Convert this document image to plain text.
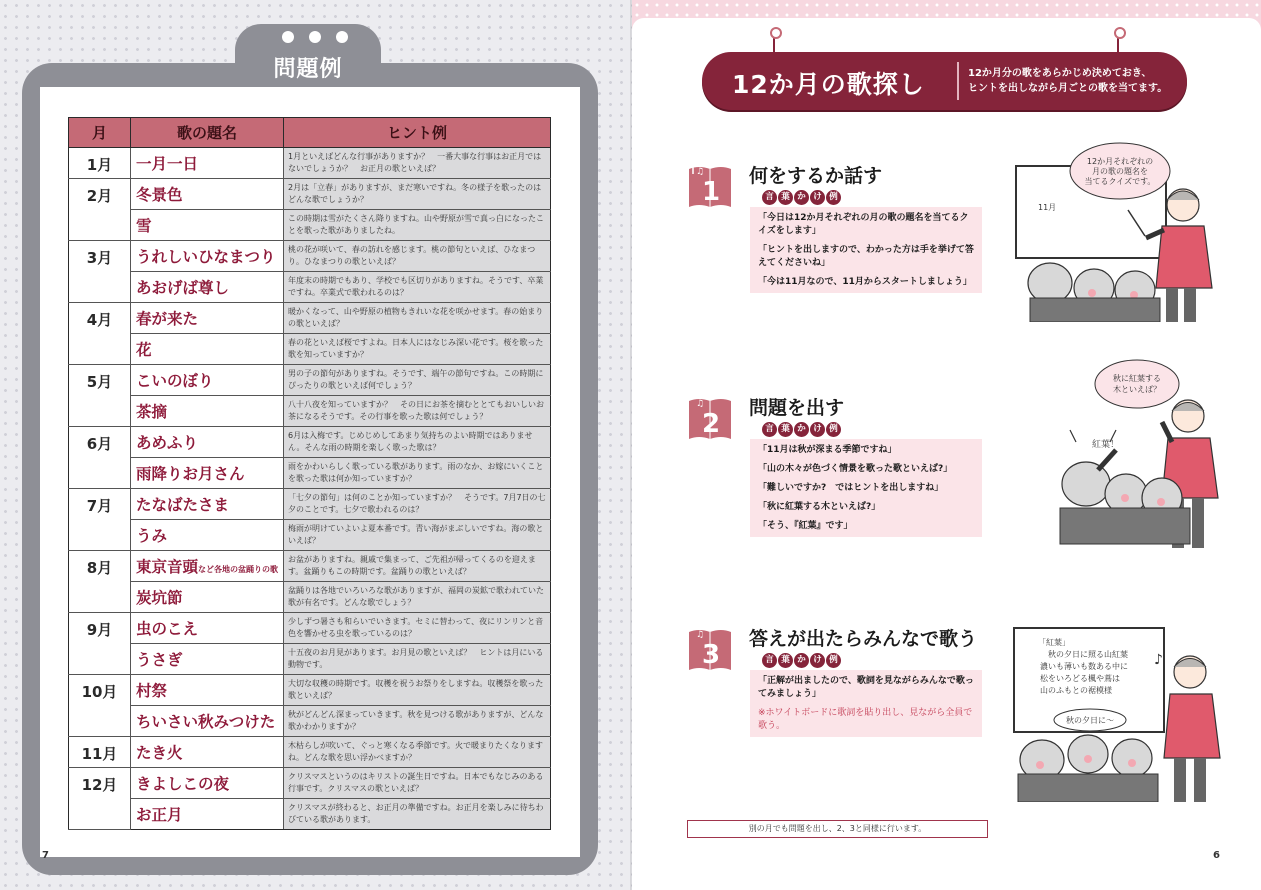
問題例
月	歌の題名	ヒント例
1月	一月一日	1月といえばどんな行事がありますか？　一番大事な行事はお正月ではないでしょうか？　お正月の歌といえば？
2月	冬景色	2月は「立春」がありますが、まだ寒いですね。冬の様子を歌ったのはどんな歌でしょうか？
	雪	この時期は雪がたくさん降りますね。山や野原が雪で真っ白になったことを歌った歌がありましたね。
3月	うれしいひなまつり	桃の花が咲いて、春の訪れを感じます。桃の節句といえば、ひなまつり。ひなまつりの歌といえば？
	あおげば尊し	年度末の時期でもあり、学校でも区切りがありますね。そうです、卒業ですね。卒業式で歌われるのは？
4月	春が来た	暖かくなって、山や野原の植物もきれいな花を咲かせます。春の始まりの歌といえば？
	花	春の花といえば桜ですよね。日本人にはなじみ深い花です。桜を歌った歌を知っていますか？
5月	こいのぼり	男の子の節句がありますね。そうです、端午の節句ですね。この時期にぴったりの歌といえば何でしょう？
	茶摘	八十八夜を知っていますか？　その日にお茶を摘むととてもおいしいお茶になるそうです。その行事を歌った歌は何でしょう？
6月	あめふり	6月は入梅です。じめじめしてあまり気持ちのよい時期ではありません。そんな雨の時期を楽しく歌った歌は？
	雨降りお月さん	雨をかわいらしく歌っている歌があります。雨のなか、お嫁にいくことを歌った歌は何か知っていますか？
7月	たなばたさま	「七夕の節句」は何のことか知っていますか？　そうです。7月7日の七夕のことです。七夕で歌われるのは？
	うみ	梅雨が明けていよいよ夏本番です。青い海がまぶしいですね。海の歌といえば？
8月	東京音頭など各地の盆踊りの歌	お盆がありますね。親戚で集まって、ご先祖が帰ってくるのを迎えます。盆踊りもこの時期です。盆踊りの歌といえば？
	炭坑節	盆踊りは各地でいろいろな歌がありますが、福岡の炭鉱で歌われていた歌が有名です。どんな歌でしょう？
9月	虫のこえ	少しずつ暑さも和らいでいきます。セミに替わって、夜にリンリンと音色を響かせる虫を歌っているのは？
	うさぎ	十五夜のお月見があります。お月見の歌といえば？　ヒントは月にいる動物です。
10月	村祭	大切な収穫の時期です。収穫を祝うお祭りをしますね。収穫祭を歌った歌といえば？
	ちいさい秋みつけた	秋がどんどん深まっていきます。秋を見つける歌がありますが、どんな歌かわかりますか？
11月	たき火	木枯らしが吹いて、ぐっと寒くなる季節です。火で暖まりたくなりますね。どんな歌を思い浮かべますか？
12月	きよしこの夜	クリスマスというのはキリストの誕生日ですね。日本でもなじみのある行事です。クリスマスの歌といえば？
	お正月	クリスマスが終わると、お正月の準備ですね。お正月を楽しみに待ちわびている歌があります。
7
12か月の歌探し	12か月分の歌をあらかじめ決めておき、
ヒントを出しながら月ごとの歌を当てます。
♫
1
何をするか話す
言 葉 か け 例

「今日は12か月それぞれの月の歌の題名を当てるクイズをします」

「ヒントを出しますので、わかった方は手を挙げて答えてくださいね」

「今は11月なので、11月からスタートしましょう」

12か月それぞれの
月の歌の題名を
当てるクイズです。
11月
♫
2
問題を出す
言 葉 か け 例

「11月は秋が深まる季節ですね」

「山の木々が色づく情景を歌った歌といえば?」

「難しいですか?　ではヒントを出しますね」

「秋に紅葉する木といえば?」

「そう、『紅葉』です」

秋に紅葉する
木といえば？
紅葉！
♫
3
答えが出たらみんなで歌う
言 葉 か け 例

「正解が出ましたので、歌詞を見ながらみんなで歌ってみましょう」

※ホワイトボードに歌詞を貼り出し、見ながら全員で歌う。

「紅葉」
秋の夕日に照る山紅葉
濃いも薄いも数ある中に
松をいろどる楓や蔦は
山のふもとの裾模様
秋の夕日に〜
♪
別の月でも問題を出し、2、3と同様に行います。
6
